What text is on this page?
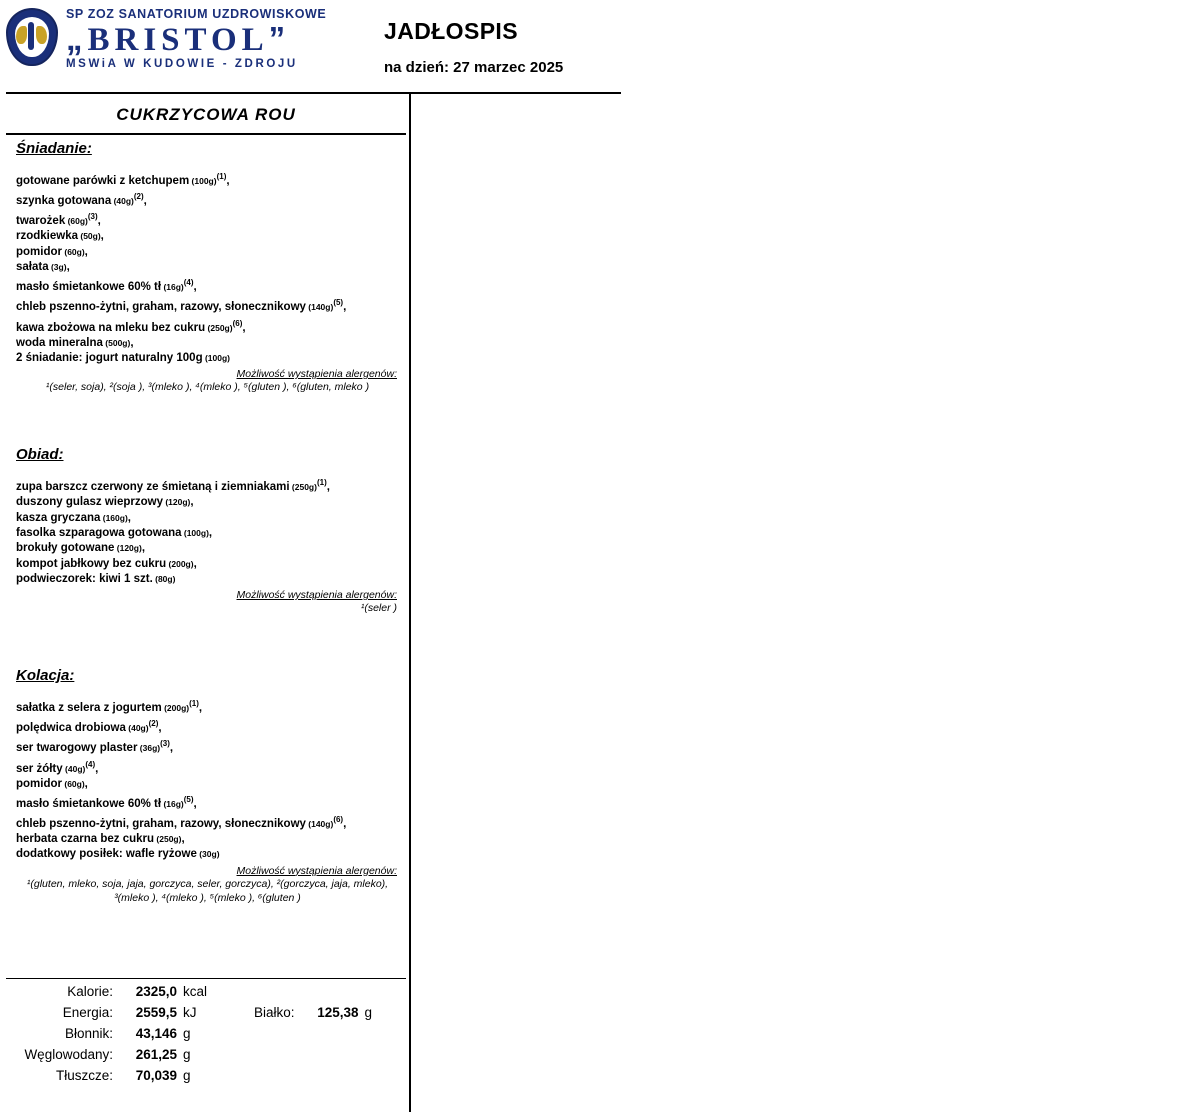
SP ZOZ SANATORIUM UZDROWISKOWE
„BRISTOL”
MSWiA W KUDOWIE - ZDROJU
JADŁOSPIS
na dzień: 27 marzec 2025
CUKRZYCOWA ROU
Śniadanie:
gotowane parówki z ketchupem $(100g)^{(1)}$,
szynka gotowana $(40g)^{(2)}$,
twarożek $(60g)^{(3)}$,
rzodkiewka (50g),
pomidor (60g),
sałata (3g),
masło śmietankowe 60% tł $(16g)^{(4)}$,
chleb pszenno-żytni, graham, razowy, słonecznikowy $(140g)^{(5)}$,
kawa zbożowa na mleku bez cukru $(250g)^{(6)}$,
woda mineralna (500g),
2 śniadanie: jogurt naturalny 100g (100g)
Możliwość wystąpienia alergenów:
¹(seler, soja), ²(soja ), ³(mleko ), ⁴(mleko ), ⁵(gluten ), ⁶(gluten, mleko )
Obiad:
zupa barszcz czerwony ze śmietaną i ziemniakami $(250g)^{(1)}$,
duszony gulasz wieprzowy (120g),
kasza gryczana (160g),
fasolka szparagowa gotowana (100g),
brokuły gotowane (120g),
kompot jabłkowy bez cukru (200g),
podwieczorek: kiwi 1 szt. (80g)
Możliwość wystąpienia alergenów:
¹(seler )
Kolacja:
sałatka z selera z jogurtem $(200g)^{(1)}$,
polędwica drobiowa $(40g)^{(2)}$,
ser twarogowy plaster $(36g)^{(3)}$,
ser żółty $(40g)^{(4)}$,
pomidor (60g),
masło śmietankowe 60% tł $(16g)^{(5)}$,
chleb pszenno-żytni, graham, razowy, słonecznikowy $(140g)^{(6)}$,
herbata czarna bez cukru (250g),
dodatkowy posiłek: wafle ryżowe (30g)
Możliwość wystąpienia alergenów:
¹(gluten, mleko, soja, jaja, gorczyca, seler, gorczyca), ²(gorczyca, jaja, mleko), ³(mleko ), ⁴(mleko ), ⁵(mleko ), ⁶(gluten )
Kalorie:	2325,0 kcal
Energia:	2559,5 kJ	Białko:	125,38 g
Błonnik:	43,146 g
Węglowodany:	261,25 g
Tłuszcze:	70,039 g
